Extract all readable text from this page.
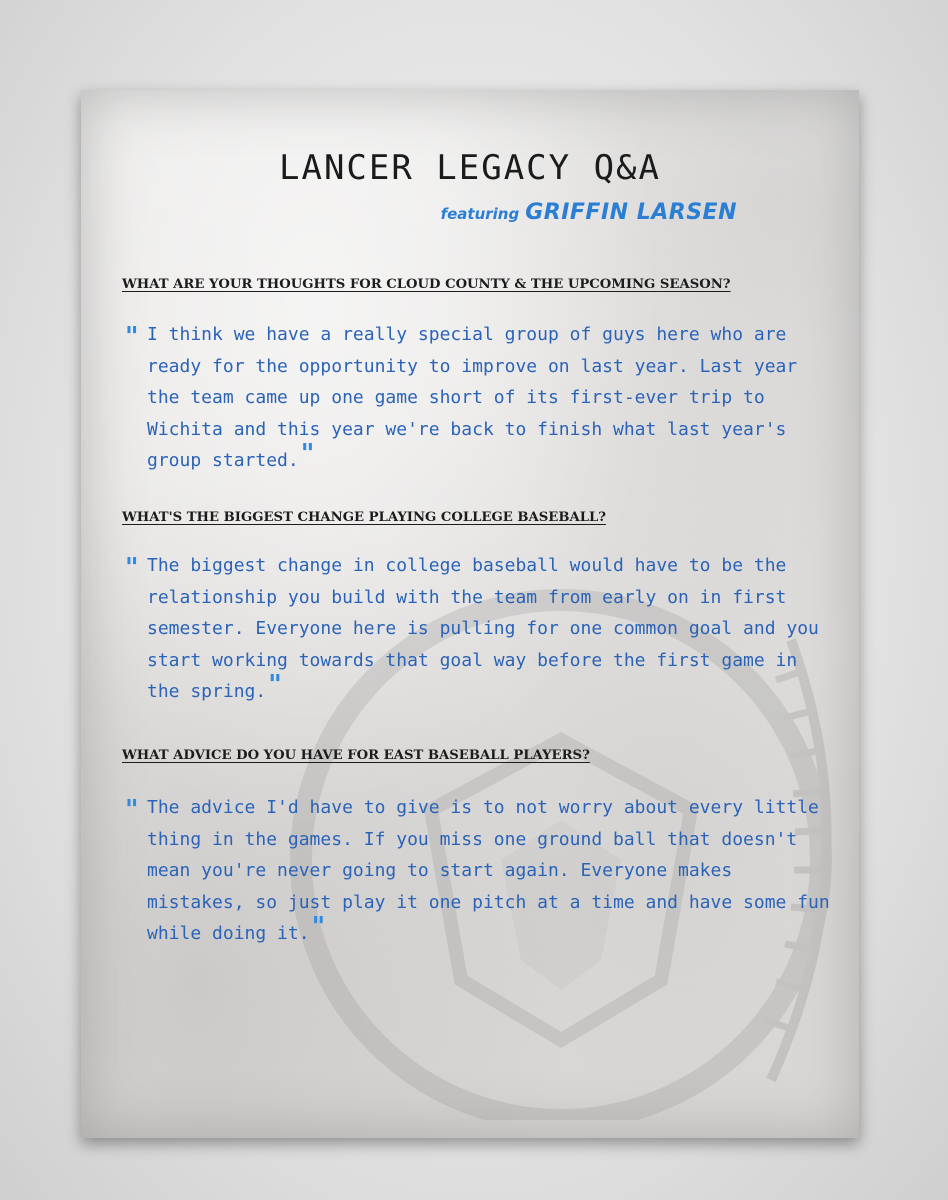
LANCER LEGACY Q&A
featuring GRIFFIN LARSEN
WHAT ARE YOUR THOUGHTS FOR CLOUD COUNTY & THE UPCOMING SEASON?
" I think we have a really special group of guys here who are ready for the opportunity to improve on last year. Last year the team came up one game short of its first-ever trip to Wichita and this year we're back to finish what last year's group started."
WHAT'S THE BIGGEST CHANGE PLAYING COLLEGE BASEBALL?
" The biggest change in college baseball would have to be the relationship you build with the team from early on in first semester. Everyone here is pulling for one common goal and you start working towards that goal way before the first game in the spring."
WHAT ADVICE DO YOU HAVE FOR EAST BASEBALL PLAYERS?
" The advice I'd have to give is to not worry about every little thing in the games. If you miss one ground ball that doesn't mean you're never going to start again. Everyone makes mistakes, so just play it one pitch at a time and have some fun while doing it."
